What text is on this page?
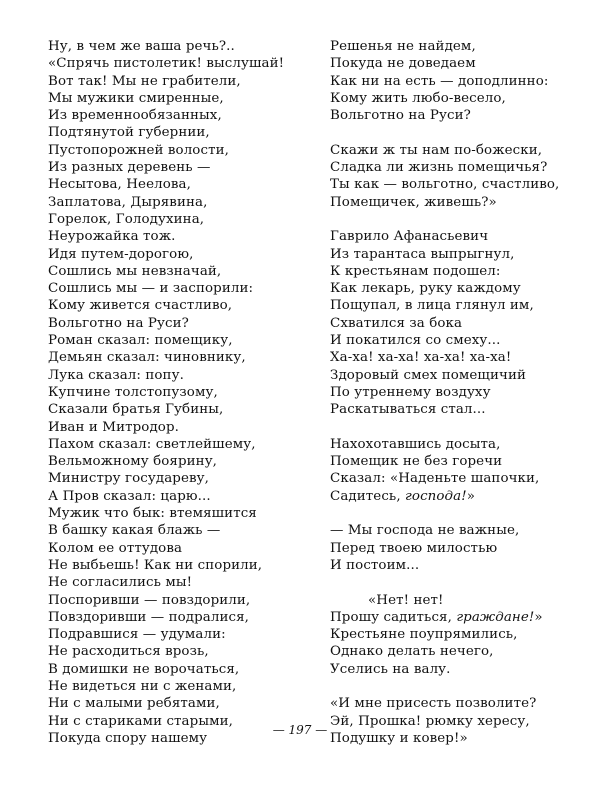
Ну, в чем же ваша речь?..
«Спрячь пистолетик! выслушай!
Вот так! Мы не грабители,
Мы мужики смиренные,
Из временнообязанных,
Подтянутой губернии,
Пустопорожней волости,
Из разных деревень —
Несытова, Неелова,
Заплатова, Дырявина,
Горелок, Голодухина,
Неурожайка тож.
Идя путем-дорогою,
Сошлись мы невзначай,
Сошлись мы — и заспорили:
Кому живется счастливо,
Вольготно на Руси?
Роман сказал: помещику,
Демьян сказал: чиновнику,
Лука сказал: попу.
Купчине толстопузому,
Сказали братья Губины,
Иван и Митродор.
Пахом сказал: светлейшему,
Вельможному боярину,
Министру государеву,
А Пров сказал: царю...
Мужик что бык: втемяшится
В башку какая блажь —
Колом ее оттудова
Не выбьешь! Как ни спорили,
Не согласились мы!
Поспоривши — повздорили,
Повздоривши — подралися,
Подравшися — удумали:
Не расходиться врозь,
В домишки не ворочаться,
Не видеться ни с женами,
Ни с малыми ребятами,
Ни с стариками старыми,
Покуда спору нашему
Решенья не найдем,
Покуда не доведаем
Как ни на есть — доподлинно:
Кому жить любо-весело,
Вольготно на Руси?
Скажи ж ты нам по-божески,
Сладка ли жизнь помещичья?
Ты как — вольготно, счастливо,
Помещичек, живешь?»
Гаврило Афанасьевич
Из тарантаса выпрыгнул,
К крестьянам подошел:
Как лекарь, руку каждому
Пощупал, в лица глянул им,
Схватился за бока
И покатился со смеху...
Ха-ха! ха-ха! ха-ха! ха-ха!
Здоровый смех помещичий
По утреннему воздуху
Раскатываться стал...
Нахохотавшись досыта,
Помещик не без горечи
Сказал: «Наденьте шапочки,
Садитесь, господа!»
— Мы господа не важные,
Перед твоею милостью
И постоим...
«Нет! нет!
Прошу садиться, граждане!»
Крестьяне поупрямились,
Однако делать нечего,
Уселись на валу.
«И мне присесть позволите?
Эй, Прошка! рюмку хересу,
Подушку и ковер!»
— 197 —
